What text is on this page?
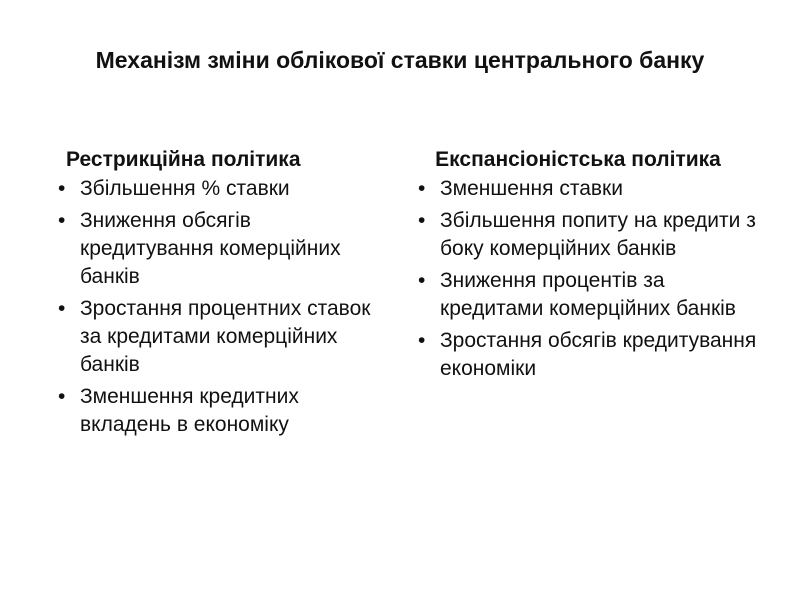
Механізм зміни облікової ставки центрального банку
Рестрикційна політика
• Збільшення % ставки
• Зниження обсягів кредитування комерційних банків
• Зростання процентних ставок за кредитами комерційних банків
• Зменшення кредитних вкладень в економіку
Експансіоністська політика
• Зменшення ставки
• Збільшення попиту на кредити з боку комерційних банків
• Зниження процентів за кредитами комерційних банків
• Зростання обсягів кредитування економіки
